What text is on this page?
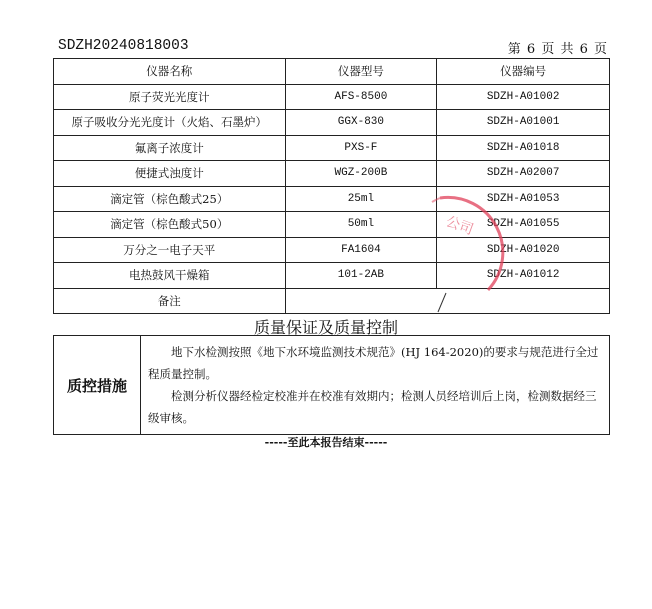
SDZH20240818003	第 6 页 共 6 页
仪器名称	仪器型号	仪器编号
原子荧光光度计	AFS-8500	SDZH-A01002
原子吸收分光光度计（火焰、石墨炉）	GGX-830	SDZH-A01001
氟离子浓度计	PXS-F	SDZH-A01018
便捷式浊度计	WGZ-200B	SDZH-A02007
滴定管（棕色酸式25）	25ml	SDZH-A01053
滴定管（棕色酸式50）	50ml	SDZH-A01055
万分之一电子天平	FA1604	SDZH-A01020
电热鼓风干燥箱	101-2AB	SDZH-A01012
备注		
公司
质量保证及质量控制
质控措施

地下水检测按照《地下水环境监测技术规范》(HJ 164-2020)的要求与规范进行全过程质量控制。

检测分析仪器经检定校准并在校准有效期内；检测人员经培训后上岗，检测数据经三级审核。

-----至此本报告结束-----
